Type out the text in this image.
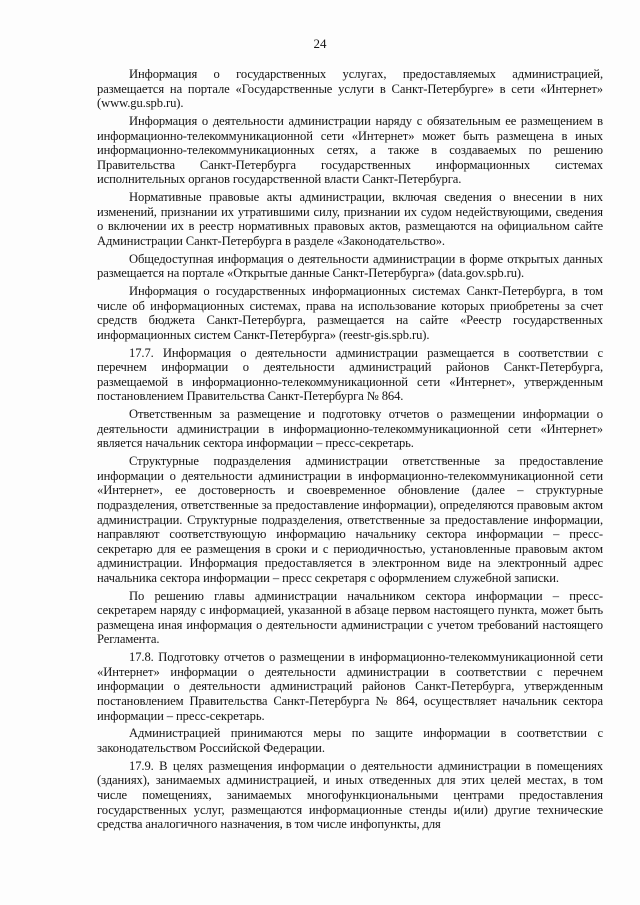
24

Информация о государственных услугах, предоставляемых администрацией, размещается на портале «Государственные услуги в Санкт-Петербурге» в сети «Интернет» (www.gu.spb.ru).

Информация о деятельности администрации наряду с обязательным ее размещением в информационно-телекоммуникационной сети «Интернет» может быть размещена в иных информационно-телекоммуникационных сетях, а также в создаваемых по решению Правительства Санкт-Петербурга государственных информационных системах исполнительных органов государственной власти Санкт-Петербурга.

Нормативные правовые акты администрации, включая сведения о внесении в них изменений, признании их утратившими силу, признании их судом недействующими, сведения о включении их в реестр нормативных правовых актов, размещаются на официальном сайте Администрации Санкт-Петербурга в разделе «Законодательство».

Общедоступная информация о деятельности администрации в форме открытых данных размещается на портале «Открытые данные Санкт-Петербурга» (data.gov.spb.ru).

Информация о государственных информационных системах Санкт-Петербурга, в том числе об информационных системах, права на использование которых приобретены за счет средств бюджета Санкт-Петербурга, размещается на сайте «Реестр государственных информационных систем Санкт-Петербурга» (reestr-gis.spb.ru).

17.7. Информация о деятельности администрации размещается в соответствии с перечнем информации о деятельности администраций районов Санкт-Петербурга, размещаемой в информационно-телекоммуникационной сети «Интернет», утвержденным постановлением Правительства Санкт-Петербурга № 864.

Ответственным за размещение и подготовку отчетов о размещении информации о деятельности администрации в информационно-телекоммуникационной сети «Интернет» является начальник сектора информации – пресс-секретарь.

Структурные подразделения администрации ответственные за предоставление информации о деятельности администрации в информационно-телекоммуникационной сети «Интернет», ее достоверность и своевременное обновление (далее – структурные подразделения, ответственные за предоставление информации), определяются правовым актом администрации. Структурные подразделения, ответственные за предоставление информации, направляют соответствующую информацию начальнику сектора информации – пресс-секретарю для ее размещения в сроки и с периодичностью, установленные правовым актом администрации. Информация предоставляется в электронном виде на электронный адрес начальника сектора информации – пресс секретаря с оформлением служебной записки.

По решению главы администрации начальником сектора информации – пресс-секретарем наряду с информацией, указанной в абзаце первом настоящего пункта, может быть размещена иная информация о деятельности администрации с учетом требований настоящего Регламента.

17.8. Подготовку отчетов о размещении в информационно-телекоммуникационной сети «Интернет» информации о деятельности администрации в соответствии с перечнем информации о деятельности администраций районов Санкт-Петербурга, утвержденным постановлением Правительства Санкт-Петербурга № 864, осуществляет начальник сектора информации – пресс-секретарь.

Администрацией принимаются меры по защите информации в соответствии с законодательством Российской Федерации.

17.9. В целях размещения информации о деятельности администрации в помещениях (зданиях), занимаемых администрацией, и иных отведенных для этих целей местах, в том числе помещениях, занимаемых многофункциональными центрами предоставления государственных услуг, размещаются информационные стенды и(или) другие технические средства аналогичного назначения, в том числе инфопункты, для
